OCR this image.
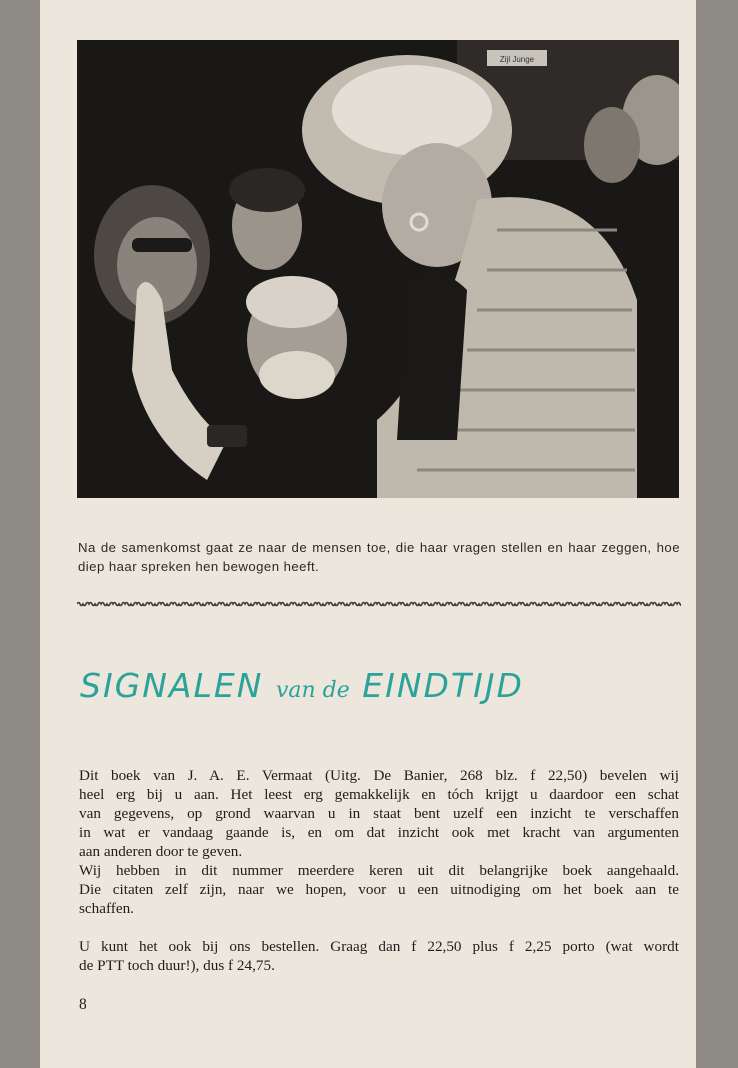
Zijl Junge
Na de samenkomst gaat ze naar de mensen toe, die haar vragen stellen en haar zeggen, hoe diep haar spreken hen bewogen heeft.
SIGNALEN van de EINDTIJD

Dit boek van J. A. E. Vermaat (Uitg. De Banier, 268 blz. f 22,50) bevelen wij
heel erg bij u aan. Het leest erg gemakkelijk en tóch krijgt u daardoor een schat
van gegevens, op grond waarvan u in staat bent uzelf een inzicht te verschaffen
in wat er vandaag gaande is, en om dat inzicht ook met kracht van argumenten

aan anderen door te geven.

Wij hebben in dit nummer meerdere keren uit dit belangrijke boek aangehaald.
Die citaten zelf zijn, naar we hopen, voor u een uitnodiging om het boek aan te

schaffen.

U kunt het ook bij ons bestellen. Graag dan f 22,50 plus f 2,25 porto (wat wordt

de PTT toch duur!), dus f 24,75.

8
